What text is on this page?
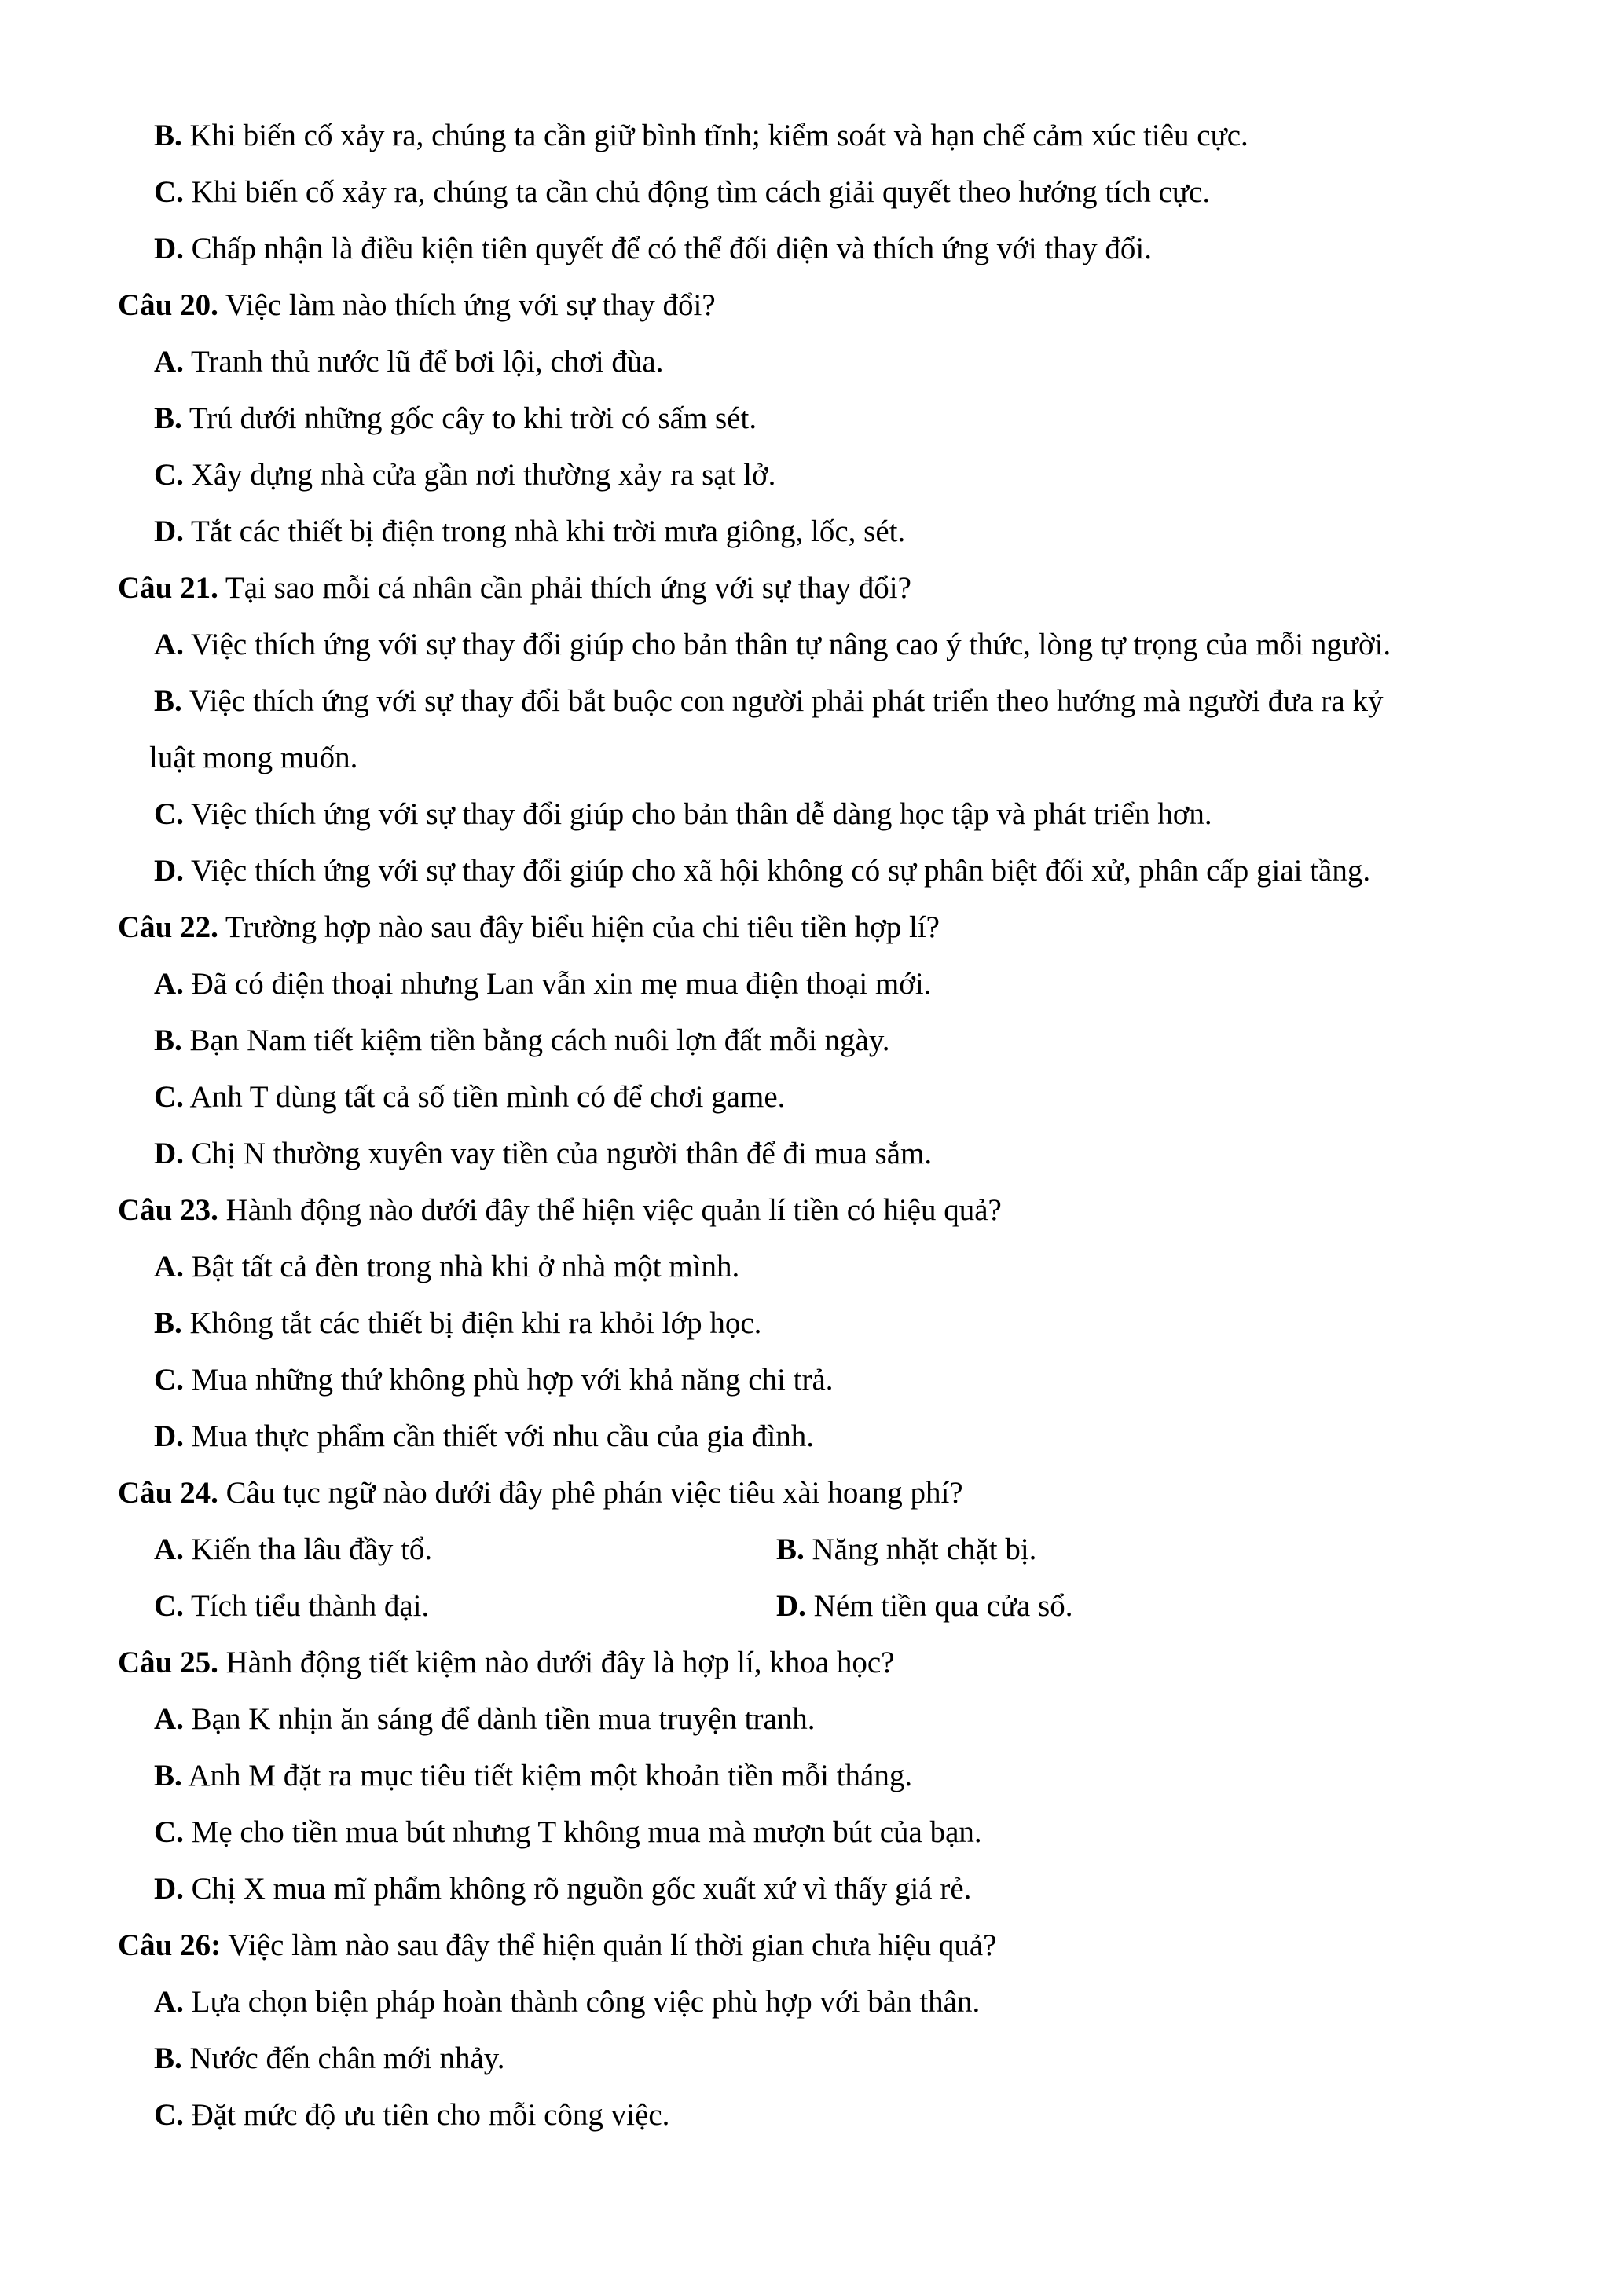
B. Khi biến cố xảy ra, chúng ta cần giữ bình tĩnh; kiểm soát và hạn chế cảm xúc tiêu cực.
C. Khi biến cố xảy ra, chúng ta cần chủ động tìm cách giải quyết theo hướng tích cực.
D. Chấp nhận là điều kiện tiên quyết để có thể đối diện và thích ứng với thay đổi.
Câu 20. Việc làm nào thích ứng với sự thay đổi?
A. Tranh thủ nước lũ để bơi lội, chơi đùa.
B. Trú dưới những gốc cây to khi trời có sấm sét.
C. Xây dựng nhà cửa gần nơi thường xảy ra sạt lở.
D. Tắt các thiết bị điện trong nhà khi trời mưa giông, lốc, sét.
Câu 21. Tại sao mỗi cá nhân cần phải thích ứng với sự thay đổi?
A. Việc thích ứng với sự thay đổi giúp cho bản thân tự nâng cao ý thức, lòng tự trọng của mỗi người.
B. Việc thích ứng với sự thay đổi bắt buộc con người phải phát triển theo hướng mà người đưa ra kỷ
luật mong muốn.
C. Việc thích ứng với sự thay đổi giúp cho bản thân dễ dàng học tập và phát triển hơn.
D. Việc thích ứng với sự thay đổi giúp cho xã hội không có sự phân biệt đối xử, phân cấp giai tầng.
Câu 22. Trường hợp nào sau đây biểu hiện của chi tiêu tiền hợp lí?
A. Đã có điện thoại nhưng Lan vẫn xin mẹ mua điện thoại mới.
B. Bạn Nam tiết kiệm tiền bằng cách nuôi lợn đất mỗi ngày.
C. Anh T dùng tất cả số tiền mình có để chơi game.
D. Chị N thường xuyên vay tiền của người thân để đi mua sắm.
Câu 23. Hành động nào dưới đây thể hiện việc quản lí tiền có hiệu quả?
A. Bật tất cả đèn trong nhà khi ở nhà một mình.
B. Không tắt các thiết bị điện khi ra khỏi lớp học.
C. Mua những thứ không phù hợp với khả năng chi trả.
D. Mua thực phẩm cần thiết với nhu cầu của gia đình.
Câu 24. Câu tục ngữ nào dưới đây phê phán việc tiêu xài hoang phí?
A. Kiến tha lâu đầy tổ.	B. Năng nhặt chặt bị.
C. Tích tiểu thành đại.	D. Ném tiền qua cửa sổ.
Câu 25. Hành động tiết kiệm nào dưới đây là hợp lí, khoa học?
A. Bạn K nhịn ăn sáng để dành tiền mua truyện tranh.
B. Anh M đặt ra mục tiêu tiết kiệm một khoản tiền mỗi tháng.
C. Mẹ cho tiền mua bút nhưng T không mua mà mượn bút của bạn.
D. Chị X mua mĩ phẩm không rõ nguồn gốc xuất xứ vì thấy giá rẻ.
Câu 26: Việc làm nào sau đây thể hiện quản lí thời gian chưa hiệu quả?
A. Lựa chọn biện pháp hoàn thành công việc phù hợp với bản thân.
B. Nước đến chân mới nhảy.
C. Đặt mức độ ưu tiên cho mỗi công việc.
